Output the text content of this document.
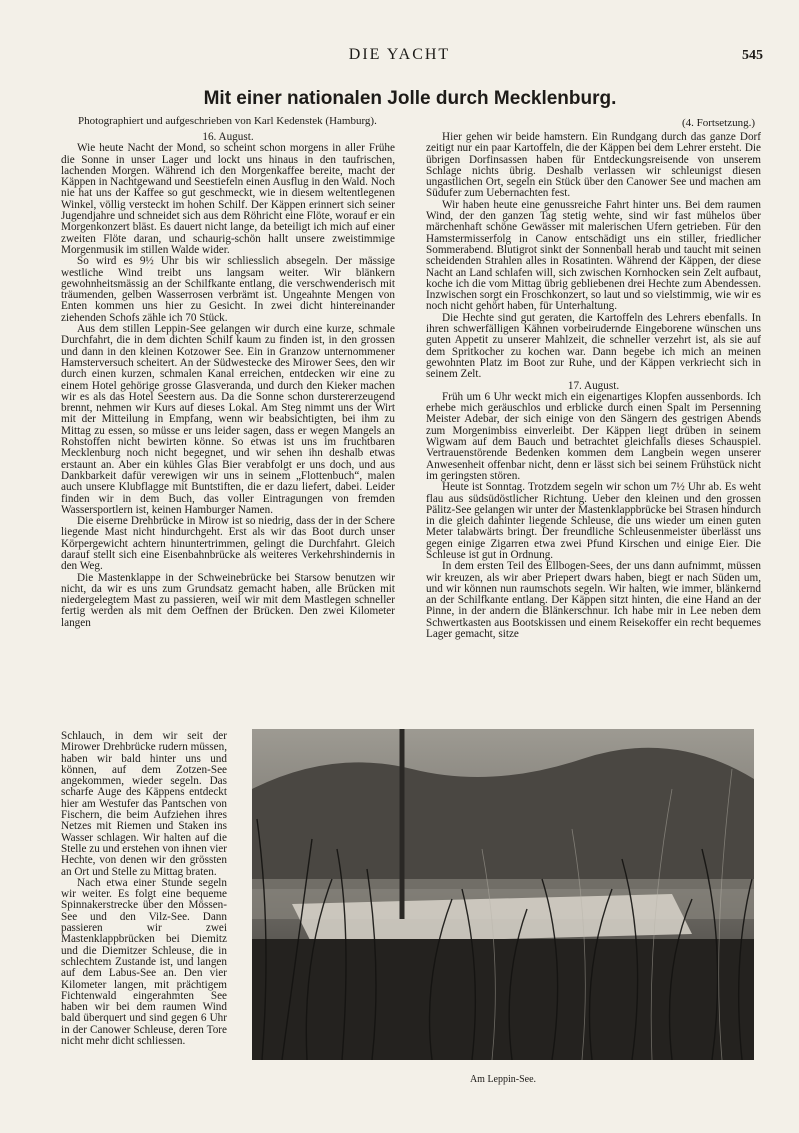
DIE YACHT	545
Mit einer nationalen Jolle durch Mecklenburg.
Photographiert und aufgeschrieben von Karl Kedenstek (Hamburg).	(4. Fortsetzung.)

16. August.

Wie heute Nacht der Mond, so scheint schon morgens in aller Frühe die Sonne in unser Lager und lockt uns hinaus in den taufrischen, lachenden Morgen. Während ich den Morgenkaffee bereite, macht der Käppen in Nachtgewand und Seestiefeln einen Ausflug in den Wald. Noch nie hat uns der Kaffee so gut geschmeckt, wie in diesem weltentlegenen Winkel, völlig versteckt im hohen Schilf. Der Käppen erinnert sich seiner Jugendjahre und schneidet sich aus dem Röhricht eine Flöte, worauf er ein Morgenkonzert bläst. Es dauert nicht lange, da beteiligt ich mich auf einer zweiten Flöte daran, und schaurig-schön hallt unsere zweistimmige Morgenmusik im stillen Walde wider.

So wird es 9½ Uhr bis wir schliesslich absegeln. Der mässige westliche Wind treibt uns langsam weiter. Wir blänkern gewohnheitsmässig an der Schilfkante entlang, die verschwenderisch mit träumenden, gelben Wasserrosen verbrämt ist. Ungeahnte Mengen von Enten kommen uns hier zu Gesicht. In zwei dicht hintereinander ziehenden Schofs zähle ich 70 Stück.

Aus dem stillen Leppin-See gelangen wir durch eine kurze, schmale Durchfahrt, die in dem dichten Schilf kaum zu finden ist, in den grossen und dann in den kleinen Kotzower See. Ein in Granzow unternommener Hamsterversuch scheitert. An der Südwestecke des Mirower Sees, den wir durch einen kurzen, schmalen Kanal erreichen, entdecken wir eine zu einem Hotel gehörige grosse Glasveranda, und durch den Kieker machen wir es als das Hotel Seestern aus. Da die Sonne schon durstererzeugend brennt, nehmen wir Kurs auf dieses Lokal. Am Steg nimmt uns der Wirt mit der Mitteilung in Empfang, wenn wir beabsichtigten, bei ihm zu Mittag zu essen, so müsse er uns leider sagen, dass er wegen Mangels an Rohstoffen nicht bewirten könne. So etwas ist uns im fruchtbaren Mecklenburg noch nicht begegnet, und wir sehen ihn deshalb etwas erstaunt an. Aber ein kühles Glas Bier verabfolgt er uns doch, und aus Dankbarkeit dafür verewigen wir uns in seinem „Flottenbuch“, malen auch unsere Klubflagge mit Buntstiften, die er dazu liefert, dabei. Leider finden wir in dem Buch, das voller Eintragungen von fremden Wassersportlern ist, keinen Hamburger Namen.

Die eiserne Drehbrücke in Mirow ist so niedrig, dass der in der Schere liegende Mast nicht hindurchgeht. Erst als wir das Boot durch unser Körpergewicht achtern hinuntertrimmen, gelingt die Durchfahrt. Gleich darauf stellt sich eine Eisenbahnbrücke als weiteres Verkehrshindernis in den Weg.

Die Mastenklappe in der Schweinebrücke bei Starsow benutzen wir nicht, da wir es uns zum Grundsatz gemacht haben, alle Brücken mit niedergelegtem Mast zu passieren, weil wir mit dem Mastlegen schneller fertig werden als mit dem Oeffnen der Brücken. Den zwei Kilometer langen

Schlauch, in dem wir seit der Mirower Drehbrücke rudern müssen, haben wir bald hinter uns und können, auf dem Zotzen-See angekommen, wieder segeln. Das scharfe Auge des Käppens entdeckt hier am Westufer das Pantschen von Fischern, die beim Aufziehen ihres Netzes mit Riemen und Staken ins Wasser schlagen. Wir halten auf die Stelle zu und erstehen von ihnen vier Hechte, von denen wir den grössten an Ort und Stelle zu Mittag braten.

Nach etwa einer Stunde segeln wir weiter. Es folgt eine bequeme Spinnakerstrecke über den Mössen-See und den Vilz-See. Dann passieren wir zwei Mastenklappbrücken bei Diemitz und die Diemitzer Schleuse, die in schlechtem Zustande ist, und langen auf dem Labus-See an. Den vier Kilometer langen, mit prächtigem Fichtenwald eingerahmten See haben wir bei dem raumen Wind bald überquert und sind gegen 6 Uhr in der Canower Schleuse, deren Tore nicht mehr dicht schliessen.

Hier gehen wir beide hamstern. Ein Rundgang durch das ganze Dorf zeitigt nur ein paar Kartoffeln, die der Käppen bei dem Lehrer ersteht. Die übrigen Dorfinsassen haben für Entdeckungsreisende von unserem Schlage nichts übrig. Deshalb verlassen wir schleunigst diesen ungastlichen Ort, segeln ein Stück über den Canower See und machen am Südufer zum Uebernachten fest.

Wir haben heute eine genussreiche Fahrt hinter uns. Bei dem raumen Wind, der den ganzen Tag stetig wehte, sind wir fast mühelos über märchenhaft schöne Gewässer mit malerischen Ufern getrieben. Für den Hamstermisserfolg in Canow entschädigt uns ein stiller, friedlicher Sommerabend. Blutigrot sinkt der Sonnenball herab und taucht mit seinen scheidenden Strahlen alles in Rosatinten. Während der Käppen, der diese Nacht an Land schlafen will, sich zwischen Kornhocken sein Zelt aufbaut, koche ich die vom Mittag übrig gebliebenen drei Hechte zum Abendessen. Inzwischen sorgt ein Froschkonzert, so laut und so vielstimmig, wie wir es noch nicht gehört haben, für Unterhaltung.

Die Hechte sind gut geraten, die Kartoffeln des Lehrers ebenfalls. In ihren schwerfälligen Kähnen vorbeirudernde Eingeborene wünschen uns guten Appetit zu unserer Mahlzeit, die schneller verzehrt ist, als sie auf dem Spritkocher zu kochen war. Dann begebe ich mich an meinen gewohnten Platz im Boot zur Ruhe, und der Käppen verkriecht sich in seinem Zelt.

17. August.

Früh um 6 Uhr weckt mich ein eigenartiges Klopfen aussenbords. Ich erhebe mich geräuschlos und erblicke durch einen Spalt im Persenning Meister Adebar, der sich einige von den Sängern des gestrigen Abends zum Morgenimbiss einverleibt. Der Käppen liegt drüben in seinem Wigwam auf dem Bauch und betrachtet gleichfalls dieses Schauspiel. Vertrauenstörende Bedenken kommen dem Langbein wegen unserer Anwesenheit offenbar nicht, denn er lässt sich bei seinem Frühstück nicht im geringsten stören.

Heute ist Sonntag. Trotzdem segeln wir schon um 7½ Uhr ab. Es weht flau aus südsüdöstlicher Richtung. Ueber den kleinen und den grossen Pälitz-See gelangen wir unter der Mastenklappbrücke bei Strasen hindurch in die gleich dahinter liegende Schleuse, die uns wieder um einen guten Meter talabwärts bringt. Der freundliche Schleusenmeister überlässt uns gegen einige Zigarren etwa zwei Pfund Kirschen und einige Eier. Die Schleuse ist gut in Ordnung.

In dem ersten Teil des Ellbogen-Sees, der uns dann aufnimmt, müssen wir kreuzen, als wir aber Priepert dwars haben, biegt er nach Süden um, und wir können nun raumschots segeln. Wir halten, wie immer, blänkernd an der Schilfkante entlang. Der Käppen sitzt hinten, die eine Hand an der Pinne, in der andern die Blänkerschnur. Ich habe mir in Lee neben dem Schwertkasten aus Bootskissen und einem Reisekoffer ein recht bequemes Lager gemacht, sitze

Am Leppin-See.
